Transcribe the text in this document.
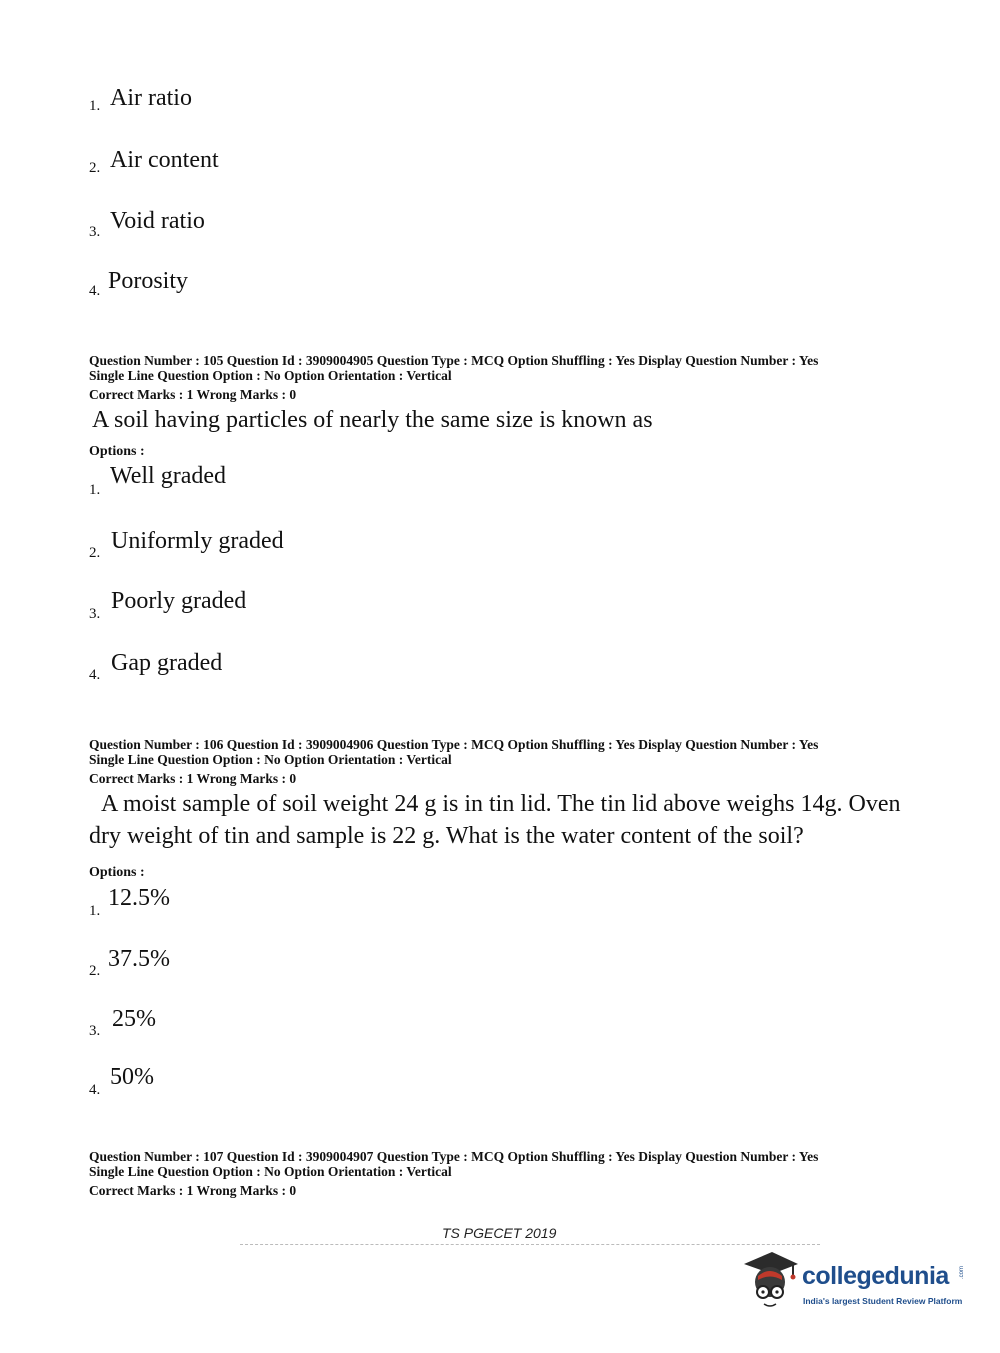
1. Air ratio
2. Air content
3. Void ratio
4. Porosity
Question Number : 105 Question Id : 3909004905 Question Type : MCQ Option Shuffling : Yes Display Question Number : Yes
Single Line Question Option : No Option Orientation : Vertical
Correct Marks : 1 Wrong Marks : 0
A soil having particles of nearly the same size is known as
Options :
1.
Well graded
2. Uniformly graded
3. Poorly graded
4. Gap graded
Question Number : 106 Question Id : 3909004906 Question Type : MCQ Option Shuffling : Yes Display Question Number : Yes
Single Line Question Option : No Option Orientation : Vertical
Correct Marks : 1 Wrong Marks : 0
A moist sample of soil weight 24 g is in tin lid. The tin lid above weighs 14g. Oven
dry weight of tin and sample is 22 g. What is the water content of the soil?
Options :
1. 12.5%
2. 37.5%
3. 25%
4. 50%
Question Number : 107 Question Id : 3909004907 Question Type : MCQ Option Shuffling : Yes Display Question Number : Yes
Single Line Question Option : No Option Orientation : Vertical
Correct Marks : 1 Wrong Marks : 0
TS PGECET 2019
collegedunia .com
India's largest Student Review Platform
